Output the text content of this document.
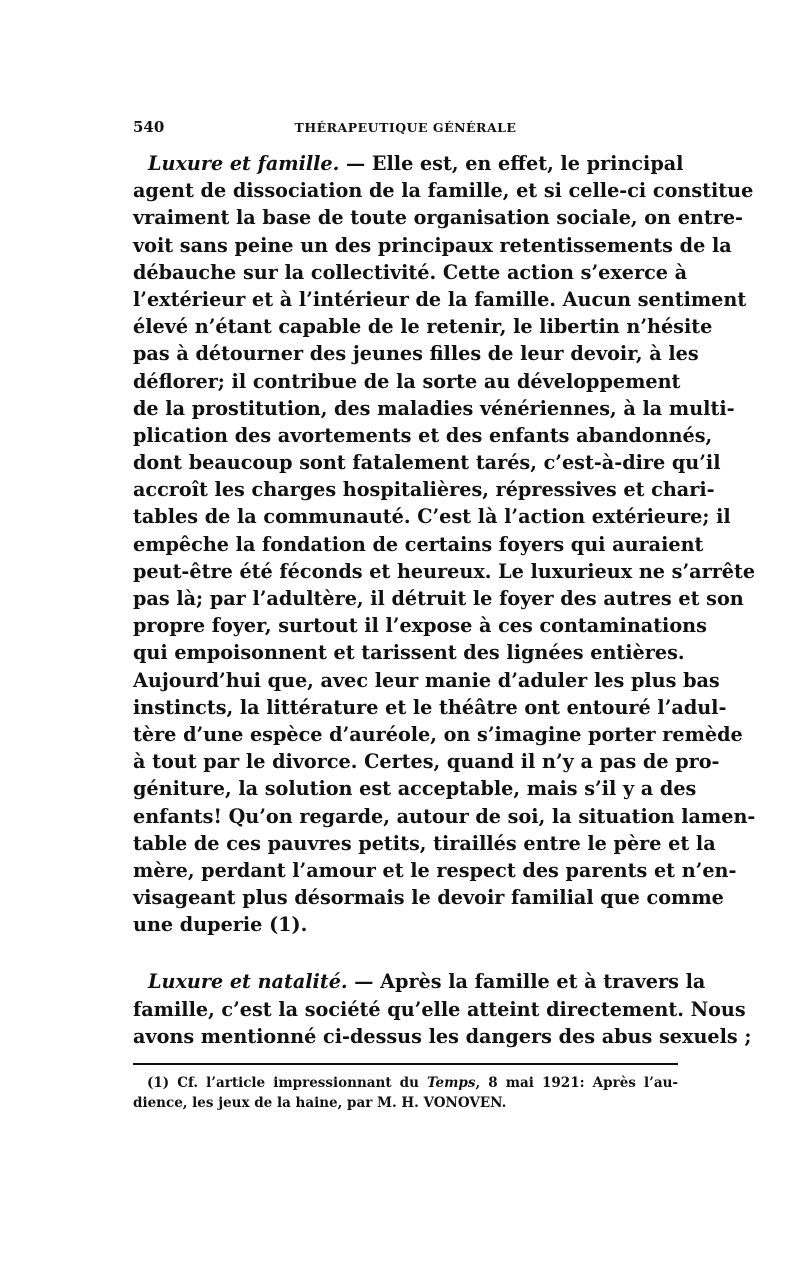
540	THÉRAPEUTIQUE GÉNÉRALE
Luxure et famille. — Elle est, en effet, le principal
agent de dissociation de la famille, et si celle-ci constitue
vraiment la base de toute organisation sociale, on entre-
voit sans peine un des principaux retentissements de la
débauche sur la collectivité. Cette action s’exerce à
l’extérieur et à l’intérieur de la famille. Aucun sentiment
élevé n’étant capable de le retenir, le libertin n’hésite
pas à détourner des jeunes filles de leur devoir, à les
déflorer; il contribue de la sorte au développement
de la prostitution, des maladies vénériennes, à la multi-
plication des avortements et des enfants abandonnés,
dont beaucoup sont fatalement tarés, c’est-à-dire qu’il
accroît les charges hospitalières, répressives et chari-
tables de la communauté. C’est là l’action extérieure; il
empêche la fondation de certains foyers qui auraient
peut-être été féconds et heureux. Le luxurieux ne s’arrête
pas là; par l’adultère, il détruit le foyer des autres et son
propre foyer, surtout il l’expose à ces contaminations
qui empoisonnent et tarissent des lignées entières.
Aujourd’hui que, avec leur manie d’aduler les plus bas
instincts, la littérature et le théâtre ont entouré l’adul-
tère d’une espèce d’auréole, on s’imagine porter remède
à tout par le divorce. Certes, quand il n’y a pas de pro-
géniture, la solution est acceptable, mais s’il y a des
enfants! Qu’on regarde, autour de soi, la situation lamen-
table de ces pauvres petits, tiraillés entre le père et la
mère, perdant l’amour et le respect des parents et n’en-
visageant plus désormais le devoir familial que comme
une duperie (1).
Luxure et natalité. — Après la famille et à travers la
famille, c’est la société qu’elle atteint directement. Nous
avons mentionné ci-dessus les dangers des abus sexuels ;
(1) Cf. l’article impressionnant du Temps, 8 mai 1921: Après l’au-
dience, les jeux de la haine, par M. H. VONOVEN.
